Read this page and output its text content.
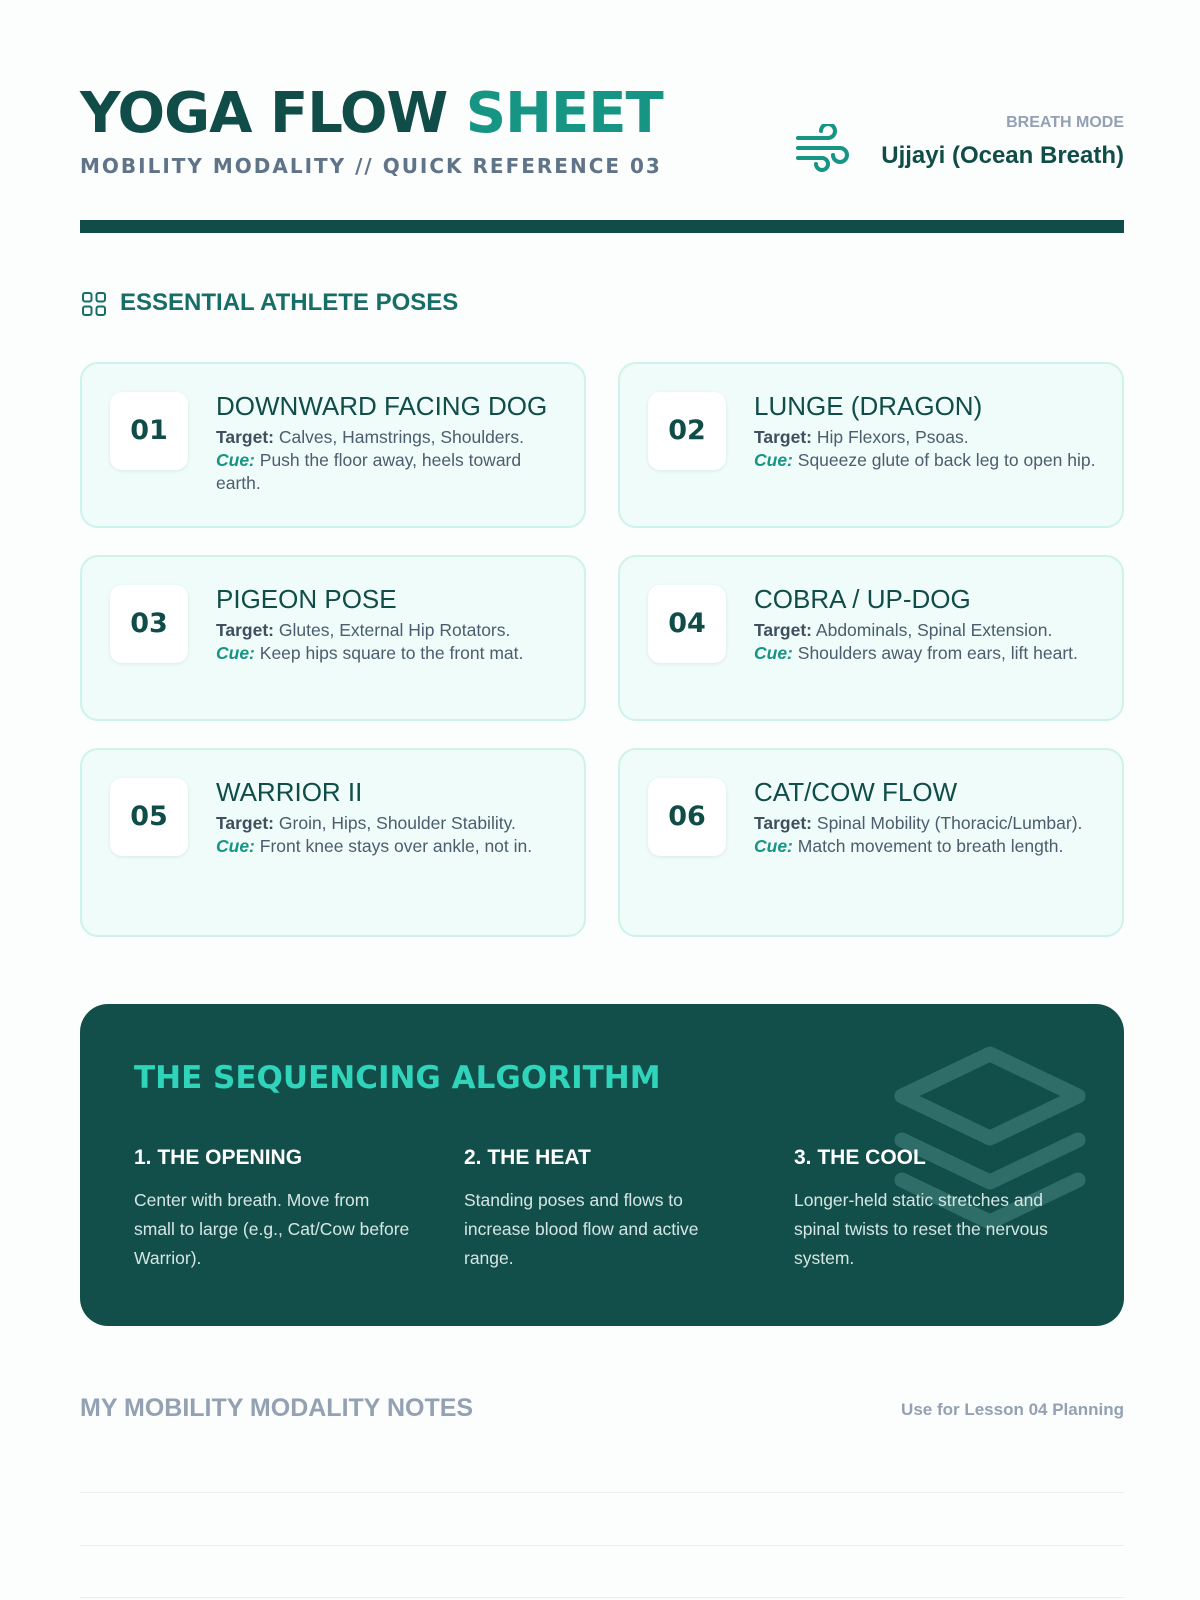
YOGA FLOW SHEET
MOBILITY MODALITY // QUICK REFERENCE 03
BREATH MODE
Ujjayi (Ocean Breath)
ESSENTIAL ATHLETE POSES
01
DOWNWARD FACING DOG
Target: Calves, Hamstrings, Shoulders.
Cue: Push the floor away, heels toward earth.
02
LUNGE (DRAGON)
Target: Hip Flexors, Psoas.
Cue: Squeeze glute of back leg to open hip.
03
PIGEON POSE
Target: Glutes, External Hip Rotators.
Cue: Keep hips square to the front mat.
04
COBRA / UP-DOG
Target: Abdominals, Spinal Extension.
Cue: Shoulders away from ears, lift heart.
05
WARRIOR II
Target: Groin, Hips, Shoulder Stability.
Cue: Front knee stays over ankle, not in.
06
CAT/COW FLOW
Target: Spinal Mobility (Thoracic/Lumbar).
Cue: Match movement to breath length.
THE SEQUENCING ALGORITHM
1. THE OPENING

Center with breath. Move from small to large (e.g., Cat/Cow before Warrior).

2. THE HEAT

Standing poses and flows to increase blood flow and active range.

3. THE COOL

Longer-held static stretches and spinal twists to reset the nervous system.

MY MOBILITY MODALITY NOTES	Use for Lesson 04 Planning
